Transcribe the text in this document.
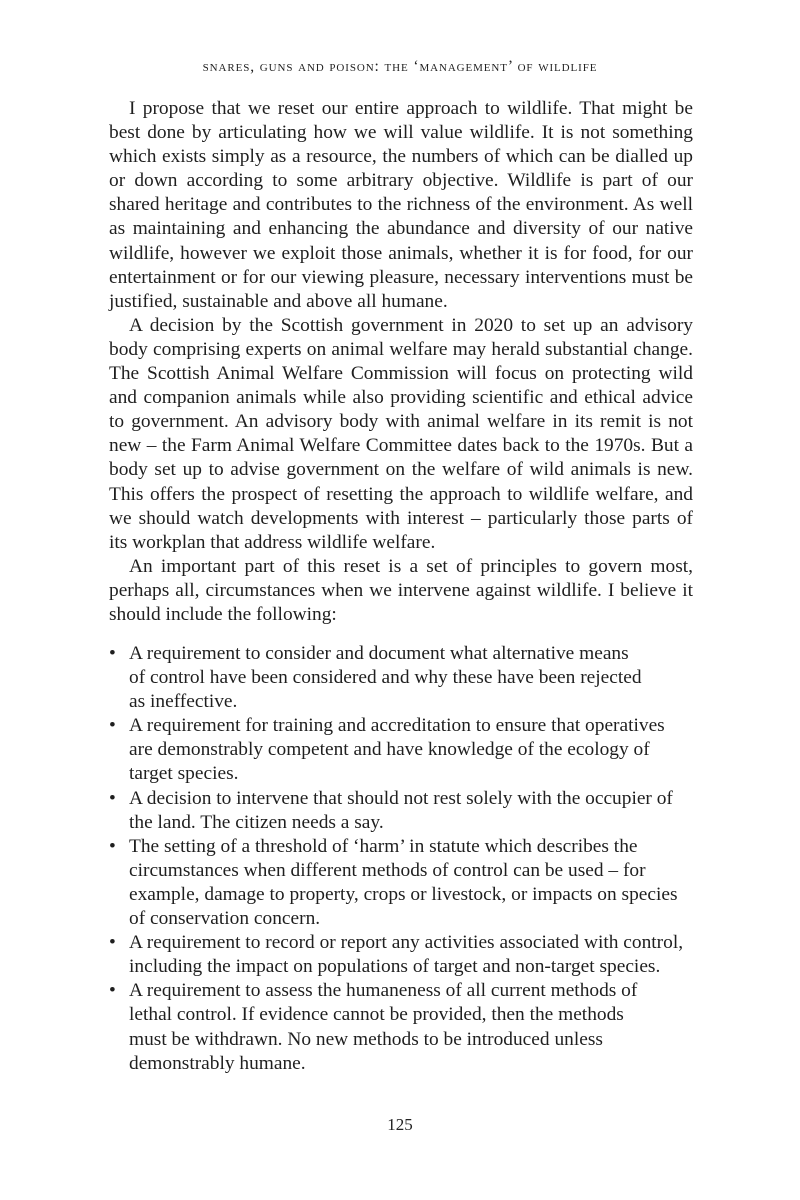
snares, guns and poison: the ‘management’ of wildlife

I propose that we reset our entire approach to wildlife. That might be best done by articulating how we will value wildlife. It is not something which exists simply as a resource, the numbers of which can be dialled up or down according to some arbitrary objective. Wildlife is part of our shared heritage and contributes to the richness of the environment. As well as maintaining and enhancing the abundance and diversity of our native wildlife, however we exploit those animals, whether it is for food, for our entertainment or for our viewing pleasure, necessary interventions must be justified, sustainable and above all humane.

A decision by the Scottish government in 2020 to set up an advisory body comprising experts on animal welfare may herald substantial change. The Scottish Animal Welfare Commission will focus on protecting wild and companion animals while also providing scientific and ethical advice to government. An advisory body with animal welfare in its remit is not new – the Farm Animal Welfare Committee dates back to the 1970s. But a body set up to advise government on the welfare of wild animals is new. This offers the prospect of resetting the approach to wildlife welfare, and we should watch developments with interest – particularly those parts of its workplan that address wildlife welfare.

An important part of this reset is a set of principles to govern most, perhaps all, circumstances when we intervene against wildlife. I believe it should include the following:

• A requirement to consider and document what alternative means
of control have been considered and why these have been rejected
as ineffective.
• A requirement for training and accreditation to ensure that operatives
are demonstrably competent and have knowledge of the ecology of
target species.
• A decision to intervene that should not rest solely with the occupier of
the land. The citizen needs a say.
• The setting of a threshold of ‘harm’ in statute which describes the
circumstances when different methods of control can be used – for
example, damage to property, crops or livestock, or impacts on species
of conservation concern.
• A requirement to record or report any activities associated with control,
including the impact on populations of target and non-target species.
• A requirement to assess the humaneness of all current methods of
lethal control. If evidence cannot be provided, then the methods
must be withdrawn. No new methods to be introduced unless
demonstrably humane.
125
